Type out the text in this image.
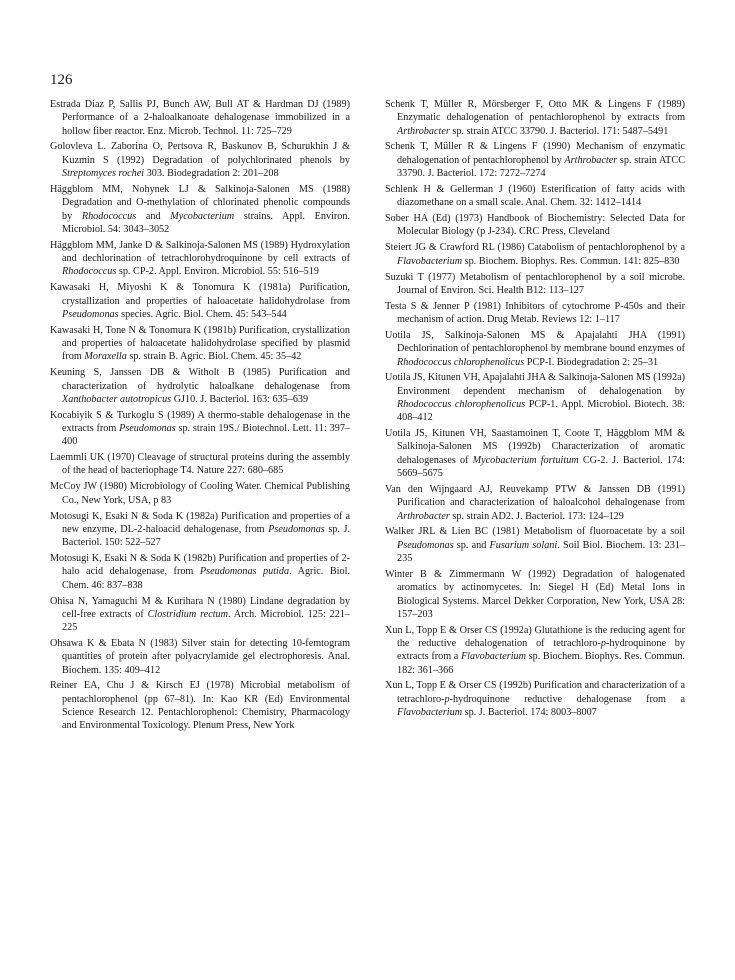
126

Estrada Diaz P, Sallis PJ, Bunch AW, Bull AT & Hardman DJ (1989) Performance of a 2-haloalkanoate dehalogenase immobilized in a hollow fiber reactor. Enz. Microb. Technol. 11: 725–729

Golovleva L. Zaborina O, Pertsova R, Baskunov B, Schurukhin J & Kuzmin S (1992) Degradation of polychlorinated phenols by Streptomyces rochei 303. Biodegradation 2: 201–208

Häggblom MM, Nohynek LJ & Salkinoja-Salonen MS (1988) Degradation and O-methylation of chlorinated phenolic compounds by Rhodococcus and Mycobacterium strains. Appl. Environ. Microbiol. 54: 3043–3052

Häggblom MM, Janke D & Salkinoja-Salonen MS (1989) Hydroxylation and dechlorination of tetrachlorohydroquinone by cell extracts of Rhodococcus sp. CP-2. Appl. Environ. Microbiol. 55: 516–519

Kawasaki H, Miyoshi K & Tonomura K (1981a) Purification, crystallization and properties of haloacetate halidohydrolase from Pseudomonas species. Agric. Biol. Chem. 45: 543–544

Kawasaki H, Tone N & Tonomura K (1981b) Purification, crystallization and properties of haloacetate halidohydrolase specified by plasmid from Moraxella sp. strain B. Agric. Biol. Chem. 45: 35–42

Keuning S, Janssen DB & Witholt B (1985) Purification and characterization of hydrolytic haloalkane dehalogenase from Xanthobacter autotropicus GJ10. J. Bacteriol. 163: 635–639

Kocabiyik S & Turkoglu S (1989) A thermo-stable dehalogenase in the extracts from Pseudomonas sp. strain 19S./ Biotechnol. Lett. 11: 397–400

Laemmli UK (1970) Cleavage of structural proteins during the assembly of the head of bacteriophage T4. Nature 227: 680–685

McCoy JW (1980) Microbiology of Cooling Water. Chemical Publishing Co., New York, USA, p 83

Motosugi K, Esaki N & Soda K (1982a) Purification and properties of a new enzyme, DL-2-haloacid dehalogenase, from Pseudomonas sp. J. Bacteriol. 150: 522–527

Motosugi K, Esaki N & Soda K (1982b) Purification and properties of 2-halo acid dehalogenase, from Pseudomonas putida. Agric. Biol. Chem. 46: 837–838

Ohisa N, Yamaguchi M & Kurihara N (1980) Lindane degradation by cell-free extracts of Clostridium rectum. Arch. Microbiol. 125: 221–225

Ohsawa K & Ebata N (1983) Silver stain for detecting 10-femtogram quantities of protein after polyacrylamide gel electrophoresis. Anal. Biochem. 135: 409–412

Reiner EA, Chu J & Kirsch EJ (1978) Microbial metabolism of pentachlorophenol (pp 67–81). In: Kao KR (Ed) Environmental Science Research 12. Pentachlorophenol: Chemistry, Pharmacology and Environmental Toxicology. Plenum Press, New York

Schenk T, Müller R, Mörsberger F, Otto MK & Lingens F (1989) Enzymatic dehalogenation of pentachlorophenol by extracts from Arthrobacter sp. strain ATCC 33790. J. Bacteriol. 171: 5487–5491

Schenk T, Müller R & Lingens F (1990) Mechanism of enzymatic dehalogenation of pentachlorophenol by Arthrobacter sp. strain ATCC 33790. J. Bacteriol. 172: 7272–7274

Schlenk H & Gellerman J (1960) Esterification of fatty acids with diazomethane on a small scale. Anal. Chem. 32: 1412–1414

Sober HA (Ed) (1973) Handbook of Biochemistry: Selected Data for Molecular Biology (p J-234). CRC Press, Cleveland

Steiert JG & Crawford RL (1986) Catabolism of pentachlorophenol by a Flavobacterium sp. Biochem. Biophys. Res. Commun. 141: 825–830

Suzuki T (1977) Metabolism of pentachlorophenol by a soil microbe. Journal of Environ. Sci. Health B12: 113–127

Testa S & Jenner P (1981) Inhibitors of cytochrome P-450s and their mechanism of action. Drug Metab. Reviews 12: 1–117

Uotila JS, Salkinoja-Salonen MS & Apajalahti JHA (1991) Dechlorination of pentachlorophenol by membrane bound enzymes of Rhodococcus chlorophenolicus PCP-I. Biodegradation 2: 25–31

Uotila JS, Kitunen VH, Apajalahti JHA & Salkinoja-Salonen MS (1992a) Environment dependent mechanism of dehalogenation by Rhodococcus chlorophenolicus PCP-1. Appl. Microbiol. Biotech. 38: 408–412

Uotila JS, Kitunen VH, Saastamoinen T, Coote T, Häggblom MM & Salkinoja-Salonen MS (1992b) Characterization of aromatic dehalogenases of Mycobacterium fortuitum CG-2. J. Bacteriol. 174: 5669–5675

Van den Wijngaard AJ, Reuvekamp PTW & Janssen DB (1991) Purification and characterization of haloalcohol dehalogenase from Arthrobacter sp. strain AD2. J. Bacteriol. 173: 124–129

Walker JRL & Lien BC (1981) Metabolism of fluoroacetate by a soil Pseudomonas sp. and Fusarium solani. Soil Biol. Biochem. 13: 231–235

Winter B & Zimmermann W (1992) Degradation of halogenated aromatics by actinomycetes. In: Siegel H (Ed) Metal Ions in Biological Systems. Marcel Dekker Corporation, New York, USA 28: 157–203

Xun L, Topp E & Orser CS (1992a) Glutathione is the reducing agent for the reductive dehalogenation of tetrachloro-p-hydroquinone by extracts from a Flavobacterium sp. Biochem. Biophys. Res. Commun. 182: 361–366

Xun L, Topp E & Orser CS (1992b) Purification and characterization of a tetrachloro-p-hydroquinone reductive dehalogenase from a Flavobacterium sp. J. Bacteriol. 174: 8003–8007
